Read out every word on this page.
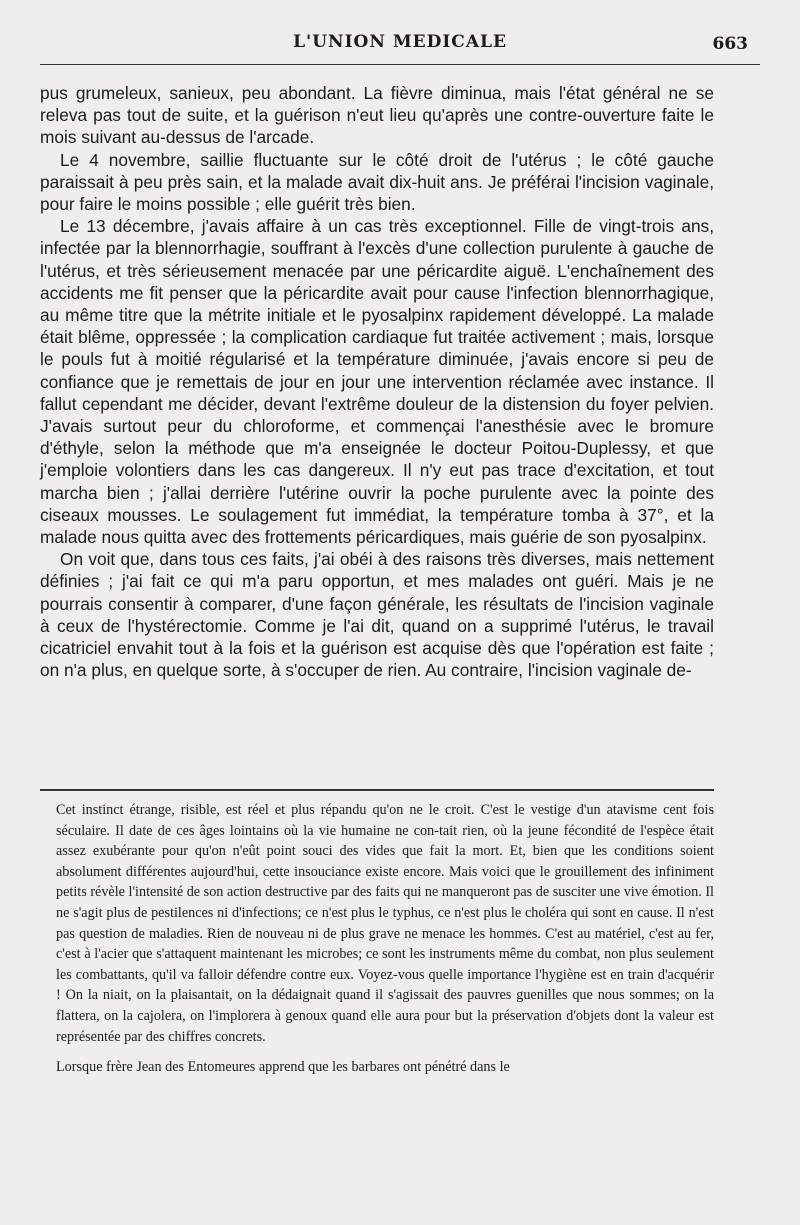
L'UNION MEDICALE	663

pus grumeleux, sanieux, peu abondant. La fièvre diminua, mais l'état général ne se releva pas tout de suite, et la guérison n'eut lieu qu'après une contre-ouverture faite le mois suivant au-dessus de l'arcade.

Le 4 novembre, saillie fluctuante sur le côté droit de l'utérus ; le côté gauche paraissait à peu près sain, et la malade avait dix-huit ans. Je préférai l'incision vaginale, pour faire le moins possible ; elle guérit très bien.

Le 13 décembre, j'avais affaire à un cas très exceptionnel. Fille de vingt-trois ans, infectée par la blennorrhagie, souffrant à l'excès d'une collection purulente à gauche de l'utérus, et très sérieusement menacée par une péricardite aiguë. L'enchaînement des accidents me fit penser que la péricardite avait pour cause l'infection blennorrhagique, au même titre que la métrite initiale et le pyosalpinx rapidement développé. La malade était blême, oppressée ; la complication cardiaque fut traitée activement ; mais, lorsque le pouls fut à moitié régularisé et la température diminuée, j'avais encore si peu de confiance que je remettais de jour en jour une intervention réclamée avec instance. Il fallut cependant me décider, devant l'extrême douleur de la distension du foyer pelvien. J'avais surtout peur du chloroforme, et commençai l'anesthésie avec le bromure d'éthyle, selon la méthode que m'a enseignée le docteur Poitou-Duplessy, et que j'emploie volontiers dans les cas dangereux. Il n'y eut pas trace d'excitation, et tout marcha bien ; j'allai derrière l'utérine ouvrir la poche purulente avec la pointe des ciseaux mousses. Le soulagement fut immédiat, la température tomba à 37°, et la malade nous quitta avec des frottements péricardiques, mais guérie de son pyosalpinx.

On voit que, dans tous ces faits, j'ai obéi à des raisons très diverses, mais nettement définies ; j'ai fait ce qui m'a paru opportun, et mes malades ont guéri. Mais je ne pourrais consentir à comparer, d'une façon générale, les résultats de l'incision vaginale à ceux de l'hystérectomie. Comme je l'ai dit, quand on a supprimé l'utérus, le travail cicatriciel envahit tout à la fois et la guérison est acquise dès que l'opération est faite ; on n'a plus, en quelque sorte, à s'occuper de rien. Au contraire, l'incision vaginale de-

Cet instinct étrange, risible, est réel et plus répandu qu'on ne le croit. C'est le vestige d'un atavisme cent fois séculaire. Il date de ces âges lointains où la vie humaine ne con-tait rien, où la jeune fécondité de l'espèce était assez exubérante pour qu'on n'eût point souci des vides que fait la mort. Et, bien que les conditions soient absolument différentes aujourd'hui, cette insouciance existe encore. Mais voici que le grouillement des infiniment petits révèle l'intensité de son action destructive par des faits qui ne manqueront pas de susciter une vive émotion. Il ne s'agit plus de pestilences ni d'infections; ce n'est plus le typhus, ce n'est plus le choléra qui sont en cause. Il n'est pas question de maladies. Rien de nouveau ni de plus grave ne menace les hommes. C'est au matériel, c'est au fer, c'est à l'acier que s'attaquent maintenant les microbes; ce sont les instruments même du combat, non plus seulement les combattants, qu'il va falloir défendre contre eux. Voyez-vous quelle importance l'hygiène est en train d'acquérir ! On la niait, on la plaisantait, on la dédaignait quand il s'agissait des pauvres guenilles que nous sommes; on la flattera, on la cajolera, on l'implorera à genoux quand elle aura pour but la préservation d'objets dont la valeur est représentée par des chiffres concrets.

Lorsque frère Jean des Entomeures apprend que les barbares ont pénétré dans le
